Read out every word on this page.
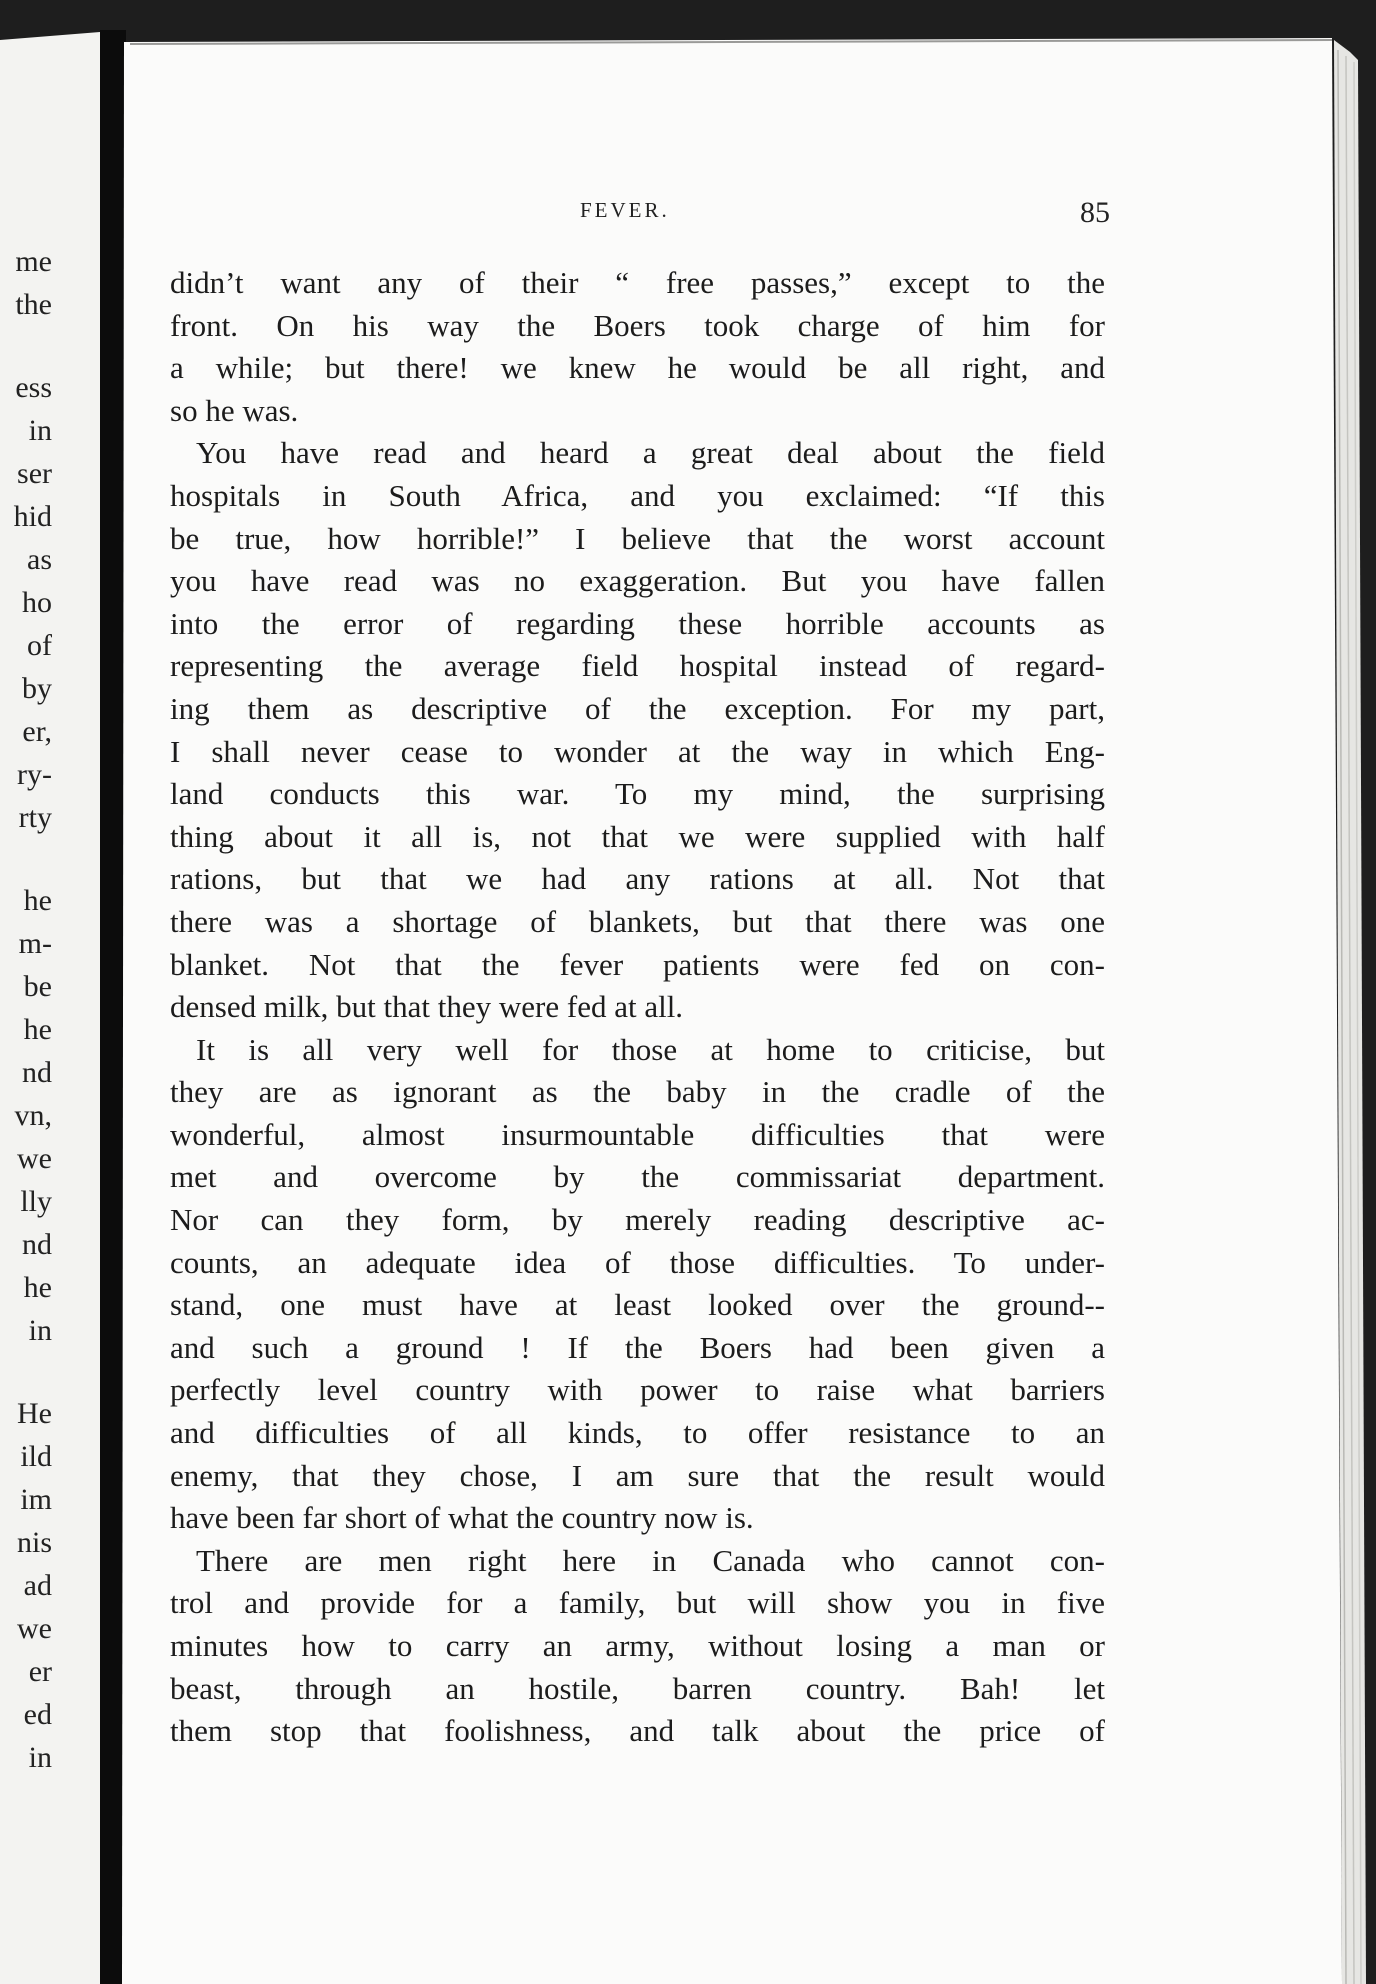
FEVER.	85
me
the
ess
in
ser
hid
as
ho
of
by
er,
ry-
rty
he
m-
be
he
nd
vn,
we
lly
nd
he
in
He
ild
im
nis
ad
we
er
ed
in
didn’t want any of their “ free passes,” except to the
front. On his way the Boers took charge of him for
a while; but there! we knew he would be all right, and
so he was.
You have read and heard a great deal about the field
hospitals in South Africa, and you exclaimed: “If this
be true, how horrible!” I believe that the worst account
you have read was no exaggeration. But you have fallen
into the error of regarding these horrible accounts as
representing the average field hospital instead of regard-
ing them as descriptive of the exception. For my part,
I shall never cease to wonder at the way in which Eng-
land conducts this war. To my mind, the surprising
thing about it all is, not that we were supplied with half
rations, but that we had any rations at all. Not that
there was a shortage of blankets, but that there was one
blanket. Not that the fever patients were fed on con-
densed milk, but that they were fed at all.
It is all very well for those at home to criticise, but
they are as ignorant as the baby in the cradle of the
wonderful, almost insurmountable difficulties that were
met and overcome by the commissariat department.
Nor can they form, by merely reading descriptive ac-
counts, an adequate idea of those difficulties. To under-
stand, one must have at least looked over the ground--
and such a ground ! If the Boers had been given a
perfectly level country with power to raise what barriers
and difficulties of all kinds, to offer resistance to an
enemy, that they chose, I am sure that the result would
have been far short of what the country now is.
There are men right here in Canada who cannot con-
trol and provide for a family, but will show you in five
minutes how to carry an army, without losing a man or
beast, through an hostile, barren country. Bah! let
them stop that foolishness, and talk about the price of
